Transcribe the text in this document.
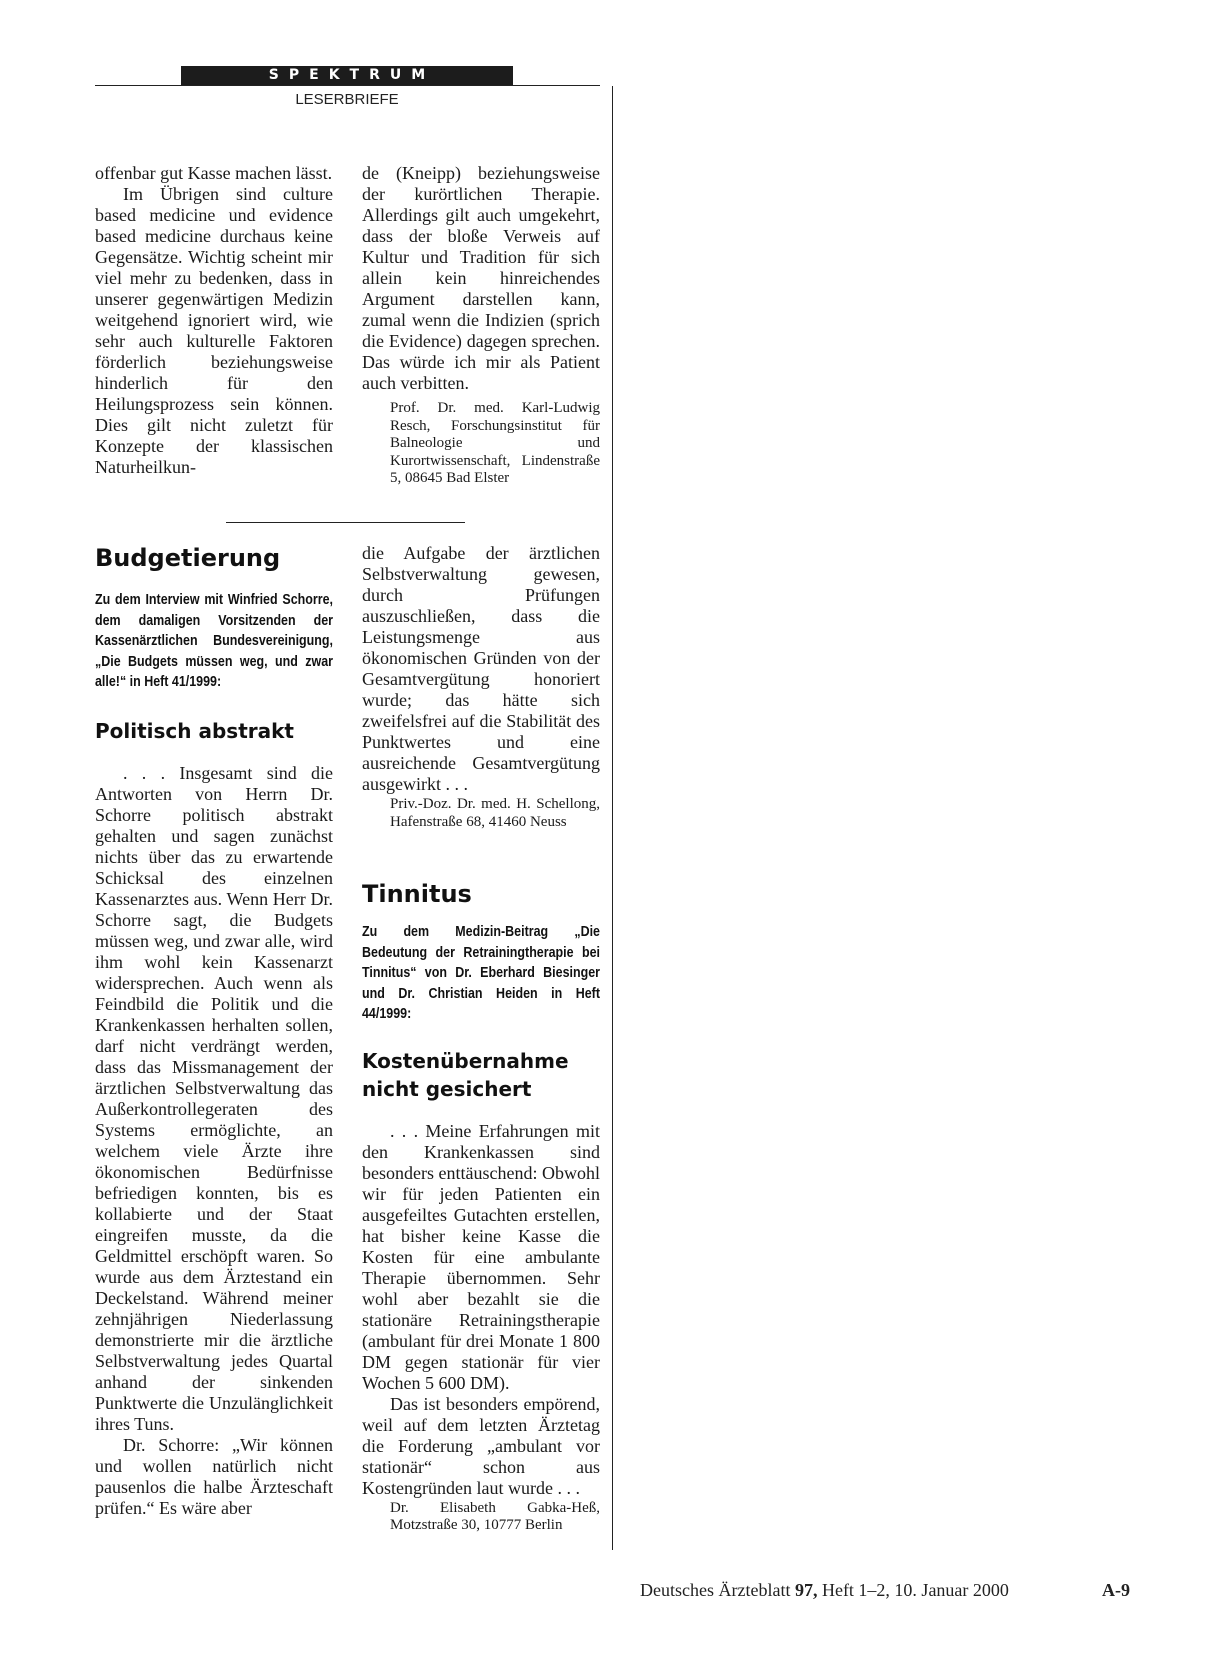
SPEKTRUM
LESERBRIEFE

offenbar gut Kasse machen lässt.

Im Übrigen sind culture based medicine und evidence based medicine durchaus keine Gegensätze. Wichtig scheint mir viel mehr zu bedenken, dass in unserer gegenwärtigen Medizin weitgehend ignoriert wird, wie sehr auch kulturelle Faktoren förderlich beziehungsweise hinderlich für den Heilungsprozess sein können. Dies gilt nicht zuletzt für Konzepte der klassischen Naturheilkun-

de (Kneipp) beziehungsweise der kurörtlichen Therapie. Allerdings gilt auch umgekehrt, dass der bloße Verweis auf Kultur und Tradition für sich allein kein hinreichendes Argument darstellen kann, zumal wenn die Indizien (sprich die Evidence) dagegen sprechen. Das würde ich mir als Patient auch verbitten.

Prof. Dr. med. Karl-Ludwig Resch, Forschungsinstitut für Balneologie und Kurortwissenschaft, Lindenstraße 5, 08645 Bad Elster

Budgetierung

Zu dem Interview mit Winfried Schorre, dem damaligen Vorsitzenden der Kassenärztlichen Bundesvereinigung, „Die Budgets müssen weg, und zwar alle!“ in Heft 41/1999:

Politisch abstrakt

. . . Insgesamt sind die Antworten von Herrn Dr. Schorre politisch abstrakt gehalten und sagen zunächst nichts über das zu erwartende Schicksal des einzelnen Kassenarztes aus. Wenn Herr Dr. Schorre sagt, die Budgets müssen weg, und zwar alle, wird ihm wohl kein Kassenarzt widersprechen. Auch wenn als Feindbild die Politik und die Krankenkassen herhalten sollen, darf nicht verdrängt werden, dass das Missmanagement der ärztlichen Selbstverwaltung das Außerkontrollegeraten des Systems ermöglichte, an welchem viele Ärzte ihre ökonomischen Bedürfnisse befriedigen konnten, bis es kollabierte und der Staat eingreifen musste, da die Geldmittel erschöpft waren. So wurde aus dem Ärztestand ein Deckelstand. Während meiner zehnjährigen Niederlassung demonstrierte mir die ärztliche Selbstverwaltung jedes Quartal anhand der sinkenden Punktwerte die Unzulänglichkeit ihres Tuns.

Dr. Schorre: „Wir können und wollen natürlich nicht pausenlos die halbe Ärzteschaft prüfen.“ Es wäre aber

die Aufgabe der ärztlichen Selbstverwaltung gewesen, durch Prüfungen auszuschließen, dass die Leistungsmenge aus ökonomischen Gründen von der Gesamtvergütung honoriert wurde; das hätte sich zweifelsfrei auf die Stabilität des Punktwertes und eine ausreichende Gesamtvergütung ausgewirkt . . .

Priv.-Doz. Dr. med. H. Schellong, Hafenstraße 68, 41460 Neuss

Tinnitus

Zu dem Medizin-Beitrag „Die Bedeutung der Retrainingtherapie bei Tinnitus“ von Dr. Eberhard Biesinger und Dr. Christian Heiden in Heft 44/1999:

Kostenübernahme nicht gesichert

. . . Meine Erfahrungen mit den Krankenkassen sind besonders enttäuschend: Obwohl wir für jeden Patienten ein ausgefeiltes Gutachten erstellen, hat bisher keine Kasse die Kosten für eine ambulante Therapie übernommen. Sehr wohl aber bezahlt sie die stationäre Retrainingstherapie (ambulant für drei Monate 1 800 DM gegen stationär für vier Wochen 5 600 DM).

Das ist besonders empörend, weil auf dem letzten Ärztetag die Forderung „ambulant vor stationär“ schon aus Kostengründen laut wurde . . .

Dr. Elisabeth Gabka-Heß, Motzstraße 30, 10777 Berlin

Deutsches Ärzteblatt 97, Heft 1–2, 10. Januar 2000	A-9
